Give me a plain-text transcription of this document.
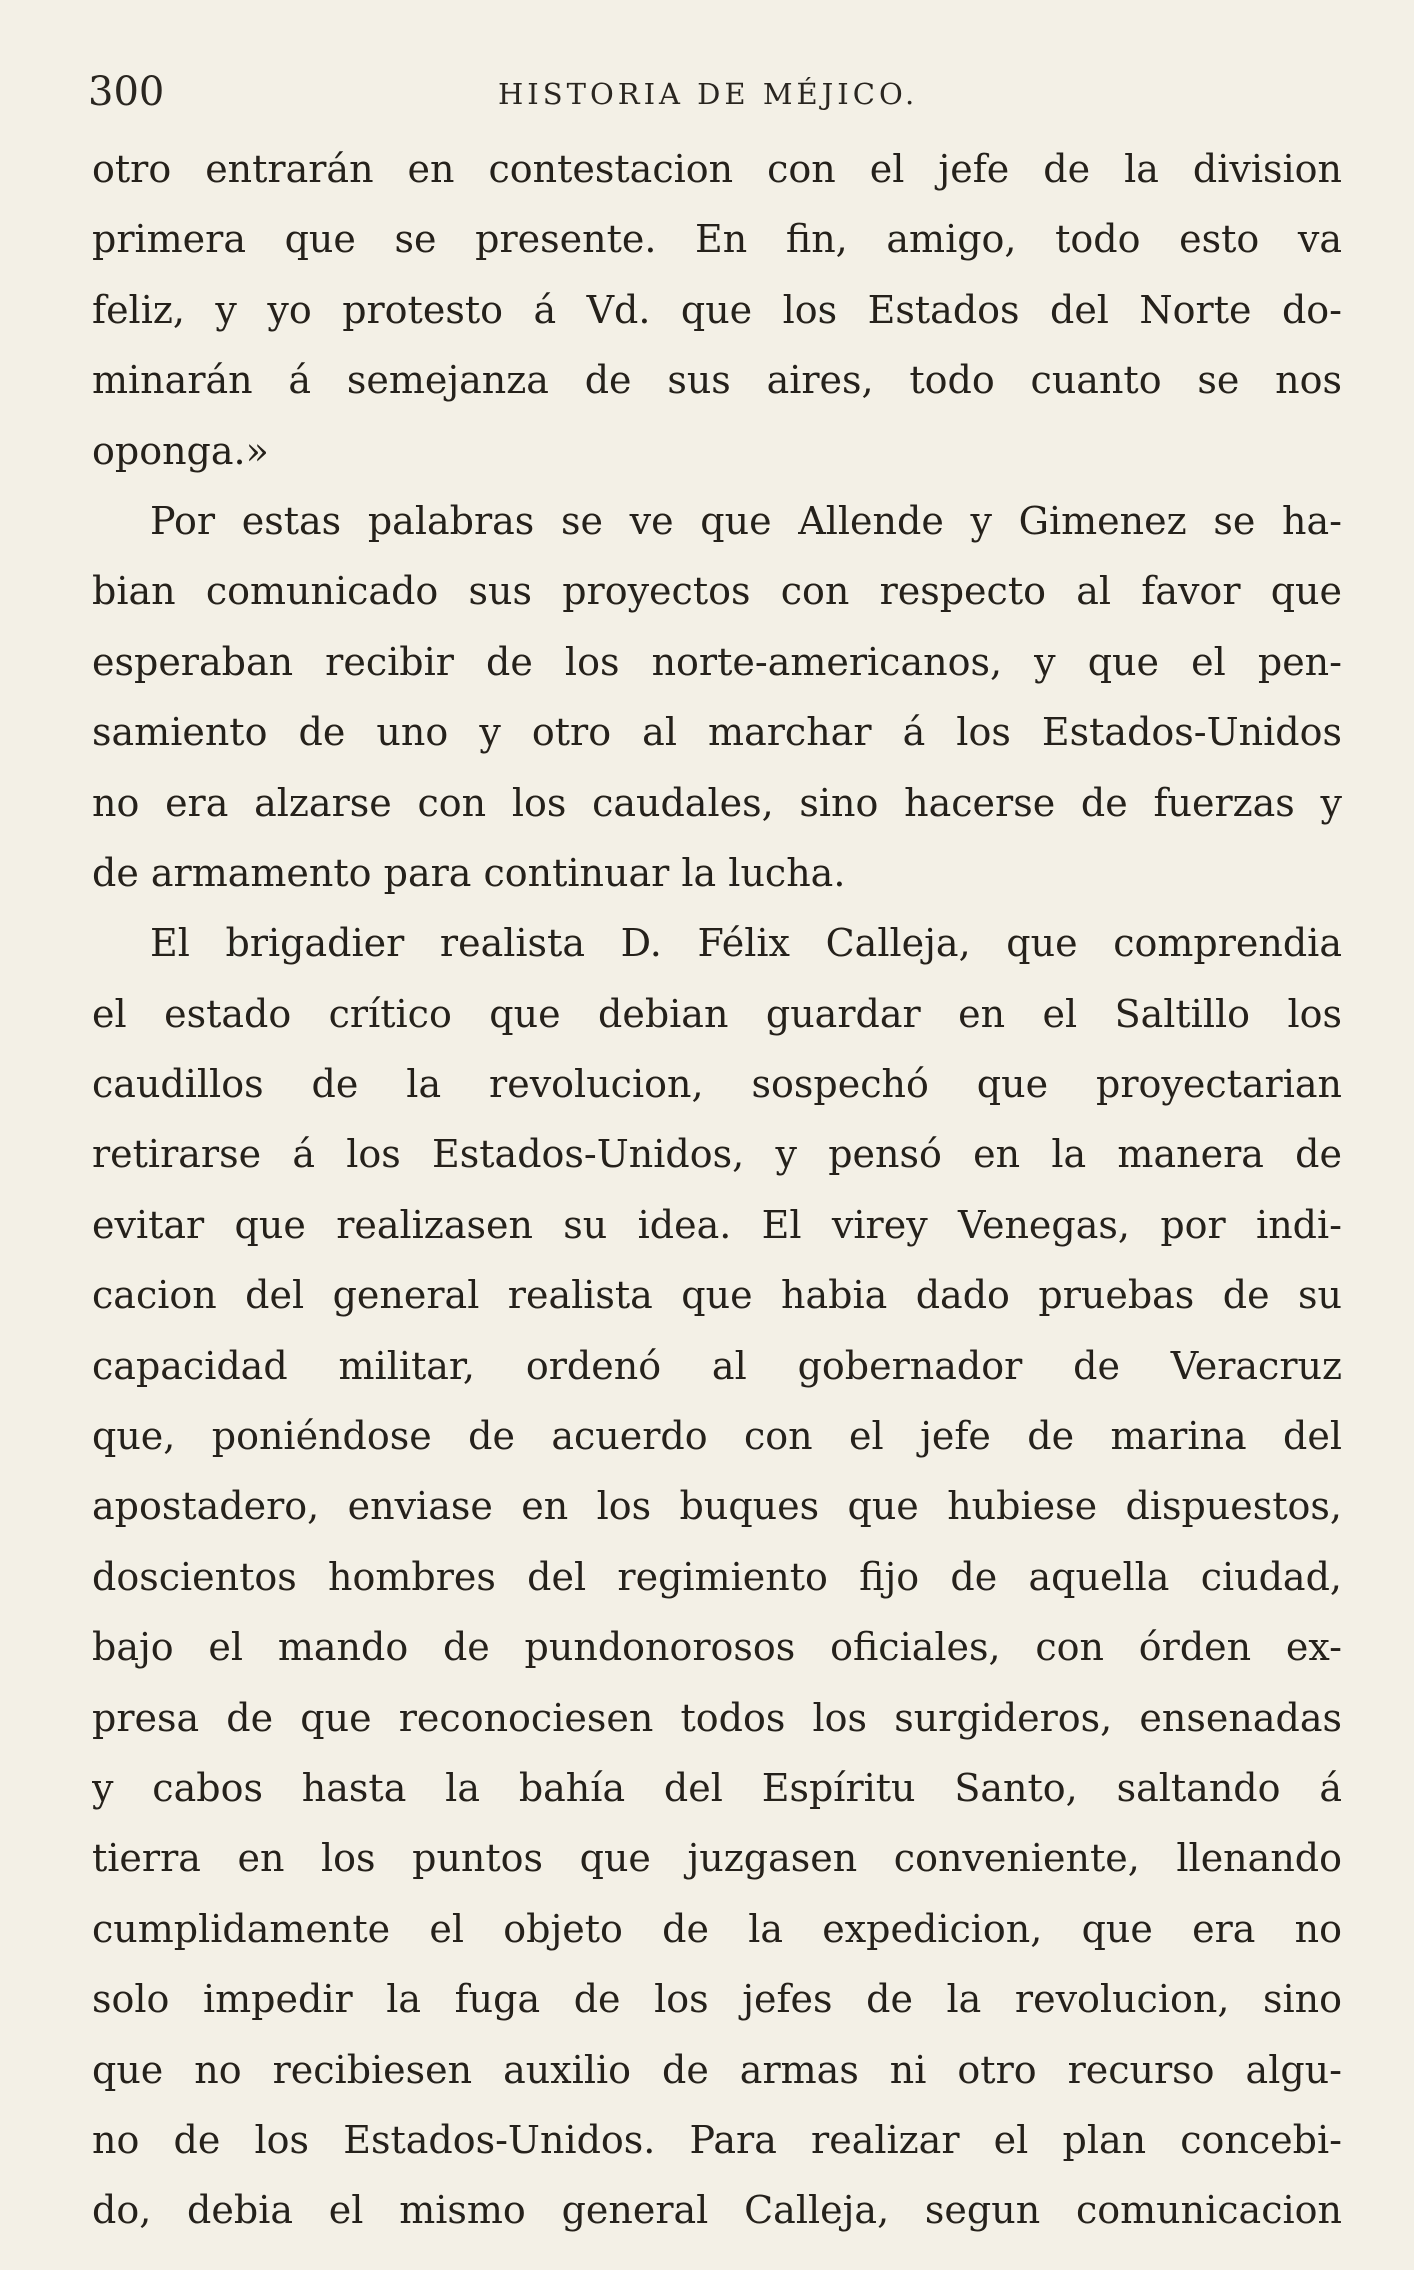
300	HISTORIA DE MÉJICO.
otro entrarán en contestacion con el jefe de la division
primera que se presente. En fin, amigo, todo esto va
feliz, y yo protesto á Vd. que los Estados del Norte do-
minarán á semejanza de sus aires, todo cuanto se nos
oponga.»
Por estas palabras se ve que Allende y Gimenez se ha-
bian comunicado sus proyectos con respecto al favor que
esperaban recibir de los norte-americanos, y que el pen-
samiento de uno y otro al marchar á los Estados-Unidos
no era alzarse con los caudales, sino hacerse de fuerzas y
de armamento para continuar la lucha.
El brigadier realista D. Félix Calleja, que comprendia
el estado crítico que debian guardar en el Saltillo los
caudillos de la revolucion, sospechó que proyectarian
retirarse á los Estados-Unidos, y pensó en la manera de
evitar que realizasen su idea. El virey Venegas, por indi-
cacion del general realista que habia dado pruebas de su
capacidad militar, ordenó al gobernador de Veracruz
que, poniéndose de acuerdo con el jefe de marina del
apostadero, enviase en los buques que hubiese dispuestos,
doscientos hombres del regimiento fijo de aquella ciudad,
bajo el mando de pundonorosos oficiales, con órden ex-
presa de que reconociesen todos los surgideros, ensenadas
y cabos hasta la bahía del Espíritu Santo, saltando á
tierra en los puntos que juzgasen conveniente, llenando
cumplidamente el objeto de la expedicion, que era no
solo impedir la fuga de los jefes de la revolucion, sino
que no recibiesen auxilio de armas ni otro recurso algu-
no de los Estados-Unidos. Para realizar el plan concebi-
do, debia el mismo general Calleja, segun comunicacion
